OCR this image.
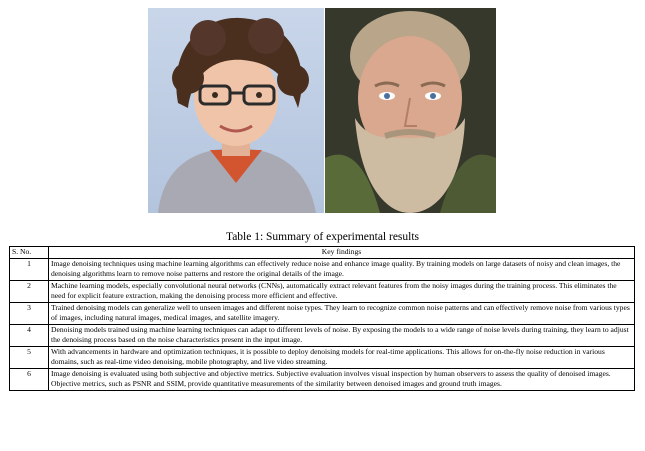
Table 1: Summary of experimental results
S. No.	Key findings
1	Image denoising techniques using machine learning algorithms can effectively reduce noise and enhance image quality. By training models on large datasets of noisy and clean images, the denoising algorithms learn to remove noise patterns and restore the original details of the image.
2	Machine learning models, especially convolutional neural networks (CNNs), automatically extract relevant features from the noisy images during the training process. This eliminates the need for explicit feature extraction, making the denoising process more efficient and effective.
3	Trained denoising models can generalize well to unseen images and different noise types. They learn to recognize common noise patterns and can effectively remove noise from various types of images, including natural images, medical images, and satellite imagery.
4	Denoising models trained using machine learning techniques can adapt to different levels of noise. By exposing the models to a wide range of noise levels during training, they learn to adjust the denoising process based on the noise characteristics present in the input image.
5	With advancements in hardware and optimization techniques, it is possible to deploy denoising models for real-time applications. This allows for on-the-fly noise reduction in various domains, such as real-time video denoising, mobile photography, and live video streaming.
6	Image denoising is evaluated using both subjective and objective metrics. Subjective evaluation involves visual inspection by human observers to assess the quality of denoised images. Objective metrics, such as PSNR and SSIM, provide quantitative measurements of the similarity between denoised images and ground truth images.
